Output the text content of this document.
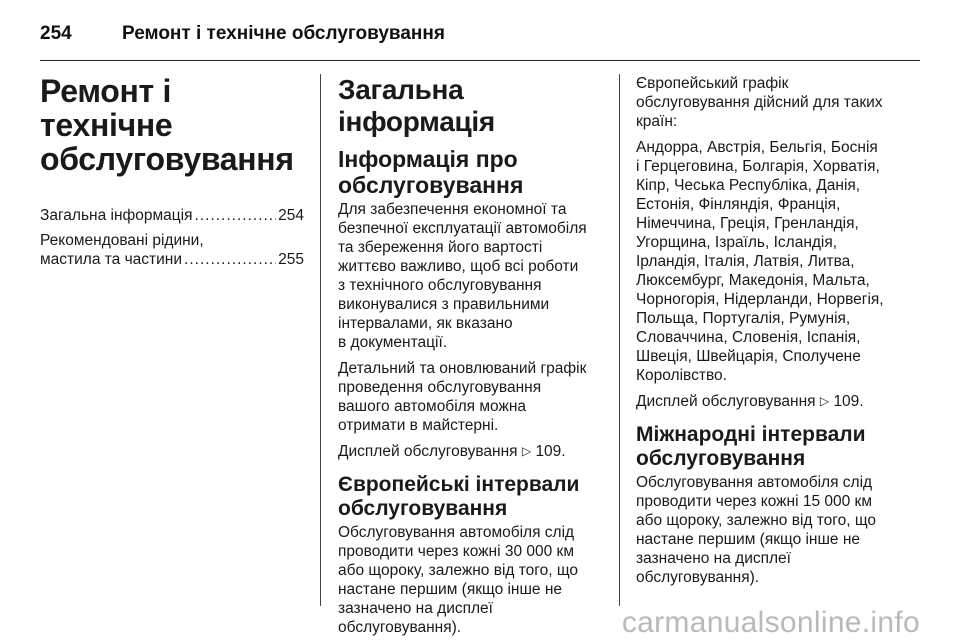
254	Ремонт і технічне обслуговування
Ремонт і технічне
обслуговування
Загальна інформація .....	254
Рекомендовані рідини,
мастила та частини .....	255
Загальна інформація
Інформація про
обслуговування
Для забезпечення економної та
безпечної експлуатації автомобіля
та збереження його вартості
життєво важливо, щоб всі роботи
з технічного обслуговування
виконувалися з правильними
інтервалами, як вказано
в документації.
Детальний та оновлюваний графік
проведення обслуговування
вашого автомобіля можна
отримати в майстерні.
Дисплей обслуговування ▷ 109.
Європейські інтервали
обслуговування
Обслуговування автомобіля слід
проводити через кожні 30 000 км
або щороку, залежно від того, що
настане першим (якщо інше не
зазначено на дисплеї
обслуговування).
Європейський графік
обслуговування дійсний для таких
країн:
Андорра, Австрія, Бельгія, Боснія
і Герцеговина, Болгарія, Хорватія,
Кіпр, Чеська Республіка, Данія,
Естонія, Фінляндія, Франція,
Німеччина, Греція, Гренландія,
Угорщина, Ізраїль, Ісландія,
Ірландія, Італія, Латвія, Литва,
Люксембург, Македонія, Мальта,
Чорногорія, Нідерланди, Норвегія,
Польща, Португалія, Румунія,
Словаччина, Словенія, Іспанія,
Швеція, Швейцарія, Сполучене
Королівство.
Дисплей обслуговування ▷ 109.
Міжнародні інтервали
обслуговування
Обслуговування автомобіля слід
проводити через кожні 15 000 км
або щороку, залежно від того, що
настане першим (якщо інше не
зазначено на дисплеї
обслуговування).
carmanualsonline.info
